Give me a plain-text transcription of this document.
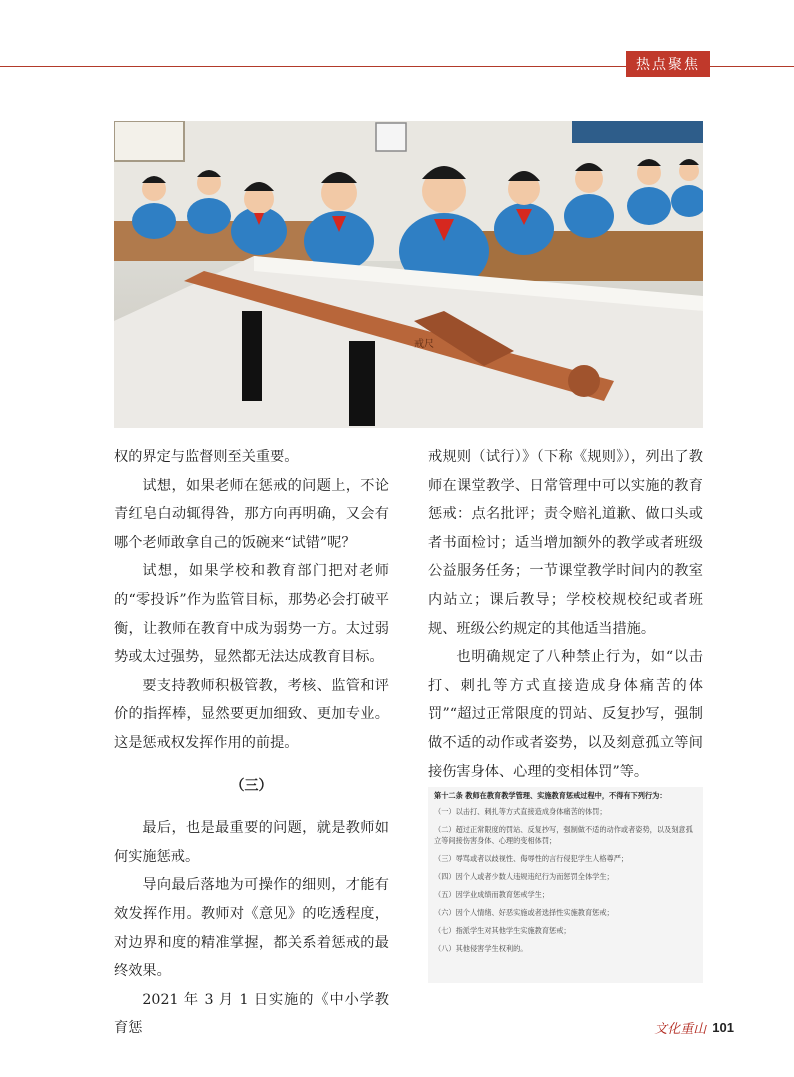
热点聚焦
戒尺

权的界定与监督则至关重要。

试想，如果老师在惩戒的问题上，不论青红皂白动辄得咎，那方向再明确，又会有哪个老师敢拿自己的饭碗来“试错”呢？

试想，如果学校和教育部门把对老师的“零投诉”作为监管目标，那势必会打破平衡，让教师在教育中成为弱势一方。太过弱势或太过强势，显然都无法达成教育目标。

要支持教师积极管教，考核、监管和评价的指挥棒，显然要更加细致、更加专业。这是惩戒权发挥作用的前提。

（三）

最后，也是最重要的问题，就是教师如何实施惩戒。

导向最后落地为可操作的细则，才能有效发挥作用。教师对《意见》的吃透程度，对边界和度的精准掌握，都关系着惩戒的最终效果。

2021 年 3 月 1 日实施的《中小学教育惩

戒规则（试行）》（下称《规则》），列出了教师在课堂教学、日常管理中可以实施的教育惩戒：点名批评；责令赔礼道歉、做口头或者书面检讨；适当增加额外的教学或者班级公益服务任务；一节课堂教学时间内的教室内站立；课后教导；学校校规校纪或者班规、班级公约规定的其他适当措施。

也明确规定了八种禁止行为，如“以击打、刺扎等方式直接造成身体痛苦的体罚”“超过正常限度的罚站、反复抄写，强制做不适的动作或者姿势，以及刻意孤立等间接伤害身体、心理的变相体罚”等。

第十二条 教师在教育教学管理、实施教育惩戒过程中，不得有下列行为：
（一）以击打、刺扎等方式直接造成身体痛苦的体罚；
（二）超过正常限度的罚站、反复抄写，强制做不适的动作或者姿势，以及刻意孤立等间接伤害身体、心理的变相体罚；
（三）辱骂或者以歧视性、侮辱性的言行侵犯学生人格尊严；
（四）因个人或者少数人违规违纪行为而惩罚全体学生；
（五）因学业成绩而教育惩戒学生；
（六）因个人情绪、好恶实施或者选择性实施教育惩戒；
（七）指派学生对其他学生实施教育惩戒；
（八）其他侵害学生权利的。
文化重山 101
